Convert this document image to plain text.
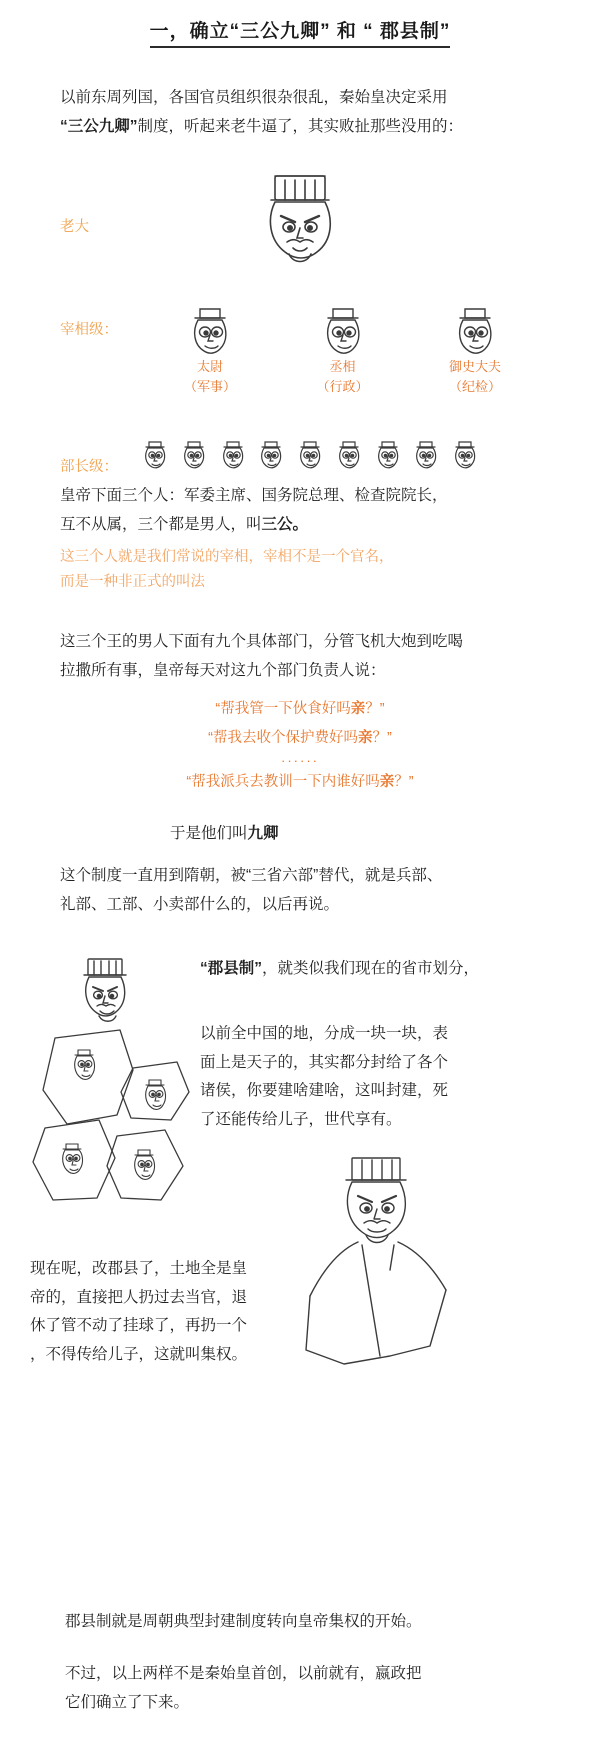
一，确立“三公九卿” 和 “ 郡县制”
以前东周列国，各国官员组织很杂很乱，秦始皇决定采用
“三公九卿”制度，听起来老牛逼了，其实败扯那些没用的：
老大
宰相级：
太尉
（军事）
丞相
（行政）
御史大夫
（纪检）
部长级：
皇帝下面三个人：军委主席、国务院总理、检查院院长，
互不从属，三个都是男人，叫三公。
这三个人就是我们常说的宰相，宰相不是一个官名，
而是一种非正式的叫法
这三个王的男人下面有九个具体部门，分管飞机大炮到吃喝
拉撒所有事，皇帝每天对这九个部门负责人说：
“帮我管一下伙食好吗亲？”
“帮我去收个保护费好吗亲？”
······
“帮我派兵去教训一下内谁好吗亲？”
于是他们叫九卿
这个制度一直用到隋朝，被“三省六部”替代，就是兵部、
礼部、工部、小卖部什么的，以后再说。
“郡县制”，就类似我们现在的省市划分，
以前全中国的地，分成一块一块，表
面上是天子的，其实都分封给了各个
诸侯，你要建啥建啥，这叫封建，死
了还能传给儿子，世代享有。
现在呢，改郡县了，土地全是皇
帝的，直接把人扔过去当官，退
休了管不动了挂球了，再扔一个
，不得传给儿子，这就叫集权。
郡县制就是周朝典型封建制度转向皇帝集权的开始。
不过，以上两样不是秦始皇首创，以前就有，嬴政把
它们确立了下来。
